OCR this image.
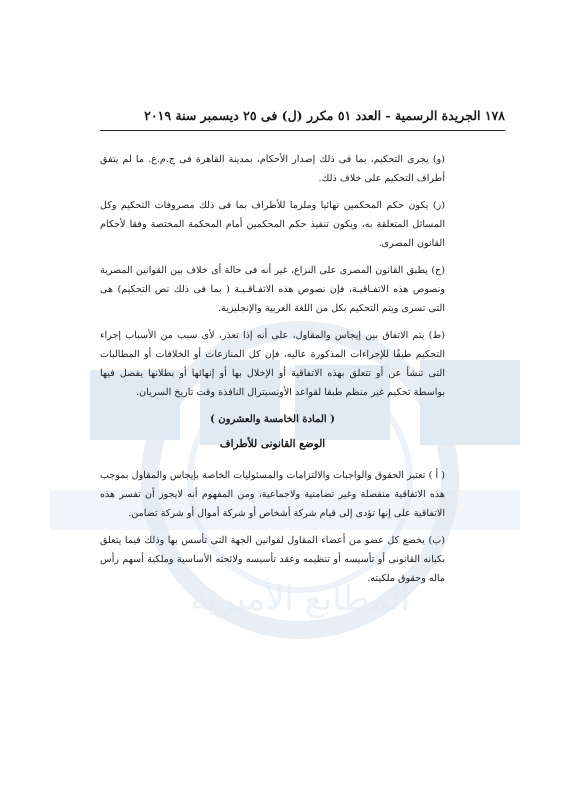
المطابع الأميرية
١٧٨ الجريدة الرسمية - العدد ٥١ مكرر (ل) فى ٢٥ ديسمبر سنة ٢٠١٩

(و) يجرى التحكيم، بما فى ذلك إصدار الأحكام، بمدينة القاهرة فى ج.م.ع. ما لم يتفق أطراف التحكيم على خلاف ذلك.

(ز) يكون حكم المحكمين نهائيا وملزما للأطراف بما فى ذلك مصروفات التحكيم وكل المسائل المتعلقة به، ويكون تنفيذ حكم المحكمين أمام المحكمة المختصة وفقا لأحكام القانون المصرى.

(ح) يطبق القانون المصرى على النزاع، غير أنه فى حالة أى خلاف بين القوانين المصرية ونصوص هذه الاتفـاقيـة، فإن نصوص هذه الاتفـاقـيـة ( بما فى ذلك نص التحكيم) هى التى تسرى ويتم التحكيم بكل من اللغة العربية والإنجليزية.

(ط) يتم الاتفاق بين إيجاس والمقاول، على أنه إذا تعذر، لأى سبب من الأسباب إجراء التحكيم طبقًا للإجراءات المذكورة عاليه، فإن كل المنازعات أو الخلافات أو المطالبات التى تنشأ عن أو تتعلق بهذه الاتفاقية أو الإخلال بها أو إنهائها أو بطلانها يفصل فيها بواسطة تحكيم غير منظم طبقا لقواعد الأونسيترال النافذة وقت تاريخ السريان.

( المادة الخامسة والعشرون )
الوضع القانونى للأطراف

( أ ) تعتبر الحقوق والواجبات والالتزامات والمسئوليات الخاصة بإيجاس والمقاول بموجب هذه الاتفاقية منفصلة وغير تضامنية ولاجماعية، ومن المفهوم أنه لايجوز أن تفسر هذه الاتفاقية على إنها تؤدى إلى قيام شركة أشخاص أو شركة أموال أو شركة تضامن.

(ب) يخضع كل عضو من أعضاء المقاول لقوانين الجهة التى تأسس بها وذلك فيما يتعلق بكيانه القانونى أو تأسيسه أو تنظيمه وعقد تأسيسه ولائحته الأساسية وملكية أسهم رأس ماله وحقوق ملكيته.
